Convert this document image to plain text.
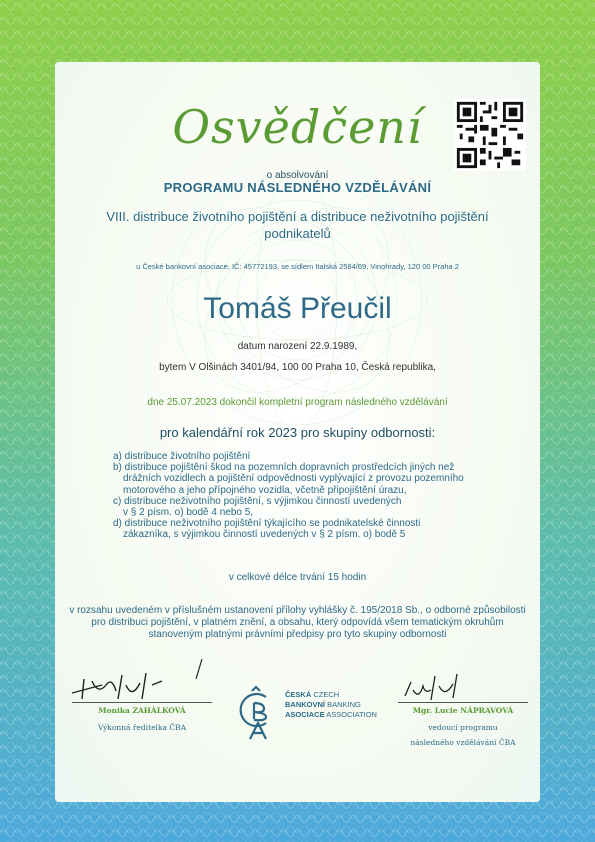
Osvědčení
o absolvování
PROGRAMU NÁSLEDNÉHO VZDĚLÁVÁNÍ
VIII. distribuce životního pojištění a distribuce neživotního pojištění podnikatelů
u České bankovní asociace, IČ: 45772193, se sídlem Italská 2584/69, Vinohrady, 120 00 Praha 2
Tomáš Přeučil
datum narození 22.9.1989,
bytem V Olšinách 3401/94, 100 00 Praha 10, Česká republika,
dne 25.07.2023 dokončil kompletní program následného vzdělávání
pro kalendářní rok 2023 pro skupiny odbornosti:
a) distribuce životního pojištění
b) distribuce pojištění škod na pozemních dopravních prostředcích jiných než
drážních vozidlech a pojištění odpovědnosti vyplývající z provozu pozemního
motorového a jeho přípojného vozidla, včetně připojištění úrazu,
c) distribuce neživotního pojištění, s výjimkou činností uvedených
v § 2 písm. o) bodě 4 nebo 5,
d) distribuce neživotního pojištění týkajícího se podnikatelské činnosti
zákazníka, s výjimkou činností uvedených v § 2 písm. o) bodě 5
v celkové délce trvání 15 hodin
v rozsahu uvedeném v příslušném ustanovení přílohy vyhlášky č. 195/2018 Sb., o odborné způsobilosti pro distribuci pojištění, v platném znění, a obsahu, který odpovídá všem tematickým okruhům stanoveným platnými právními předpisy pro tyto skupiny odbornosti
Monika ZAHÁLKOVÁ
Výkonná ředitelka ČBA
ČESKÁ CZECH
BANKOVNÍ BANKING
ASOCIACE ASSOCIATION	Mgr. Lucie NÁPRAVOVÁ
vedoucí programu
následného vzdělávání ČBA
